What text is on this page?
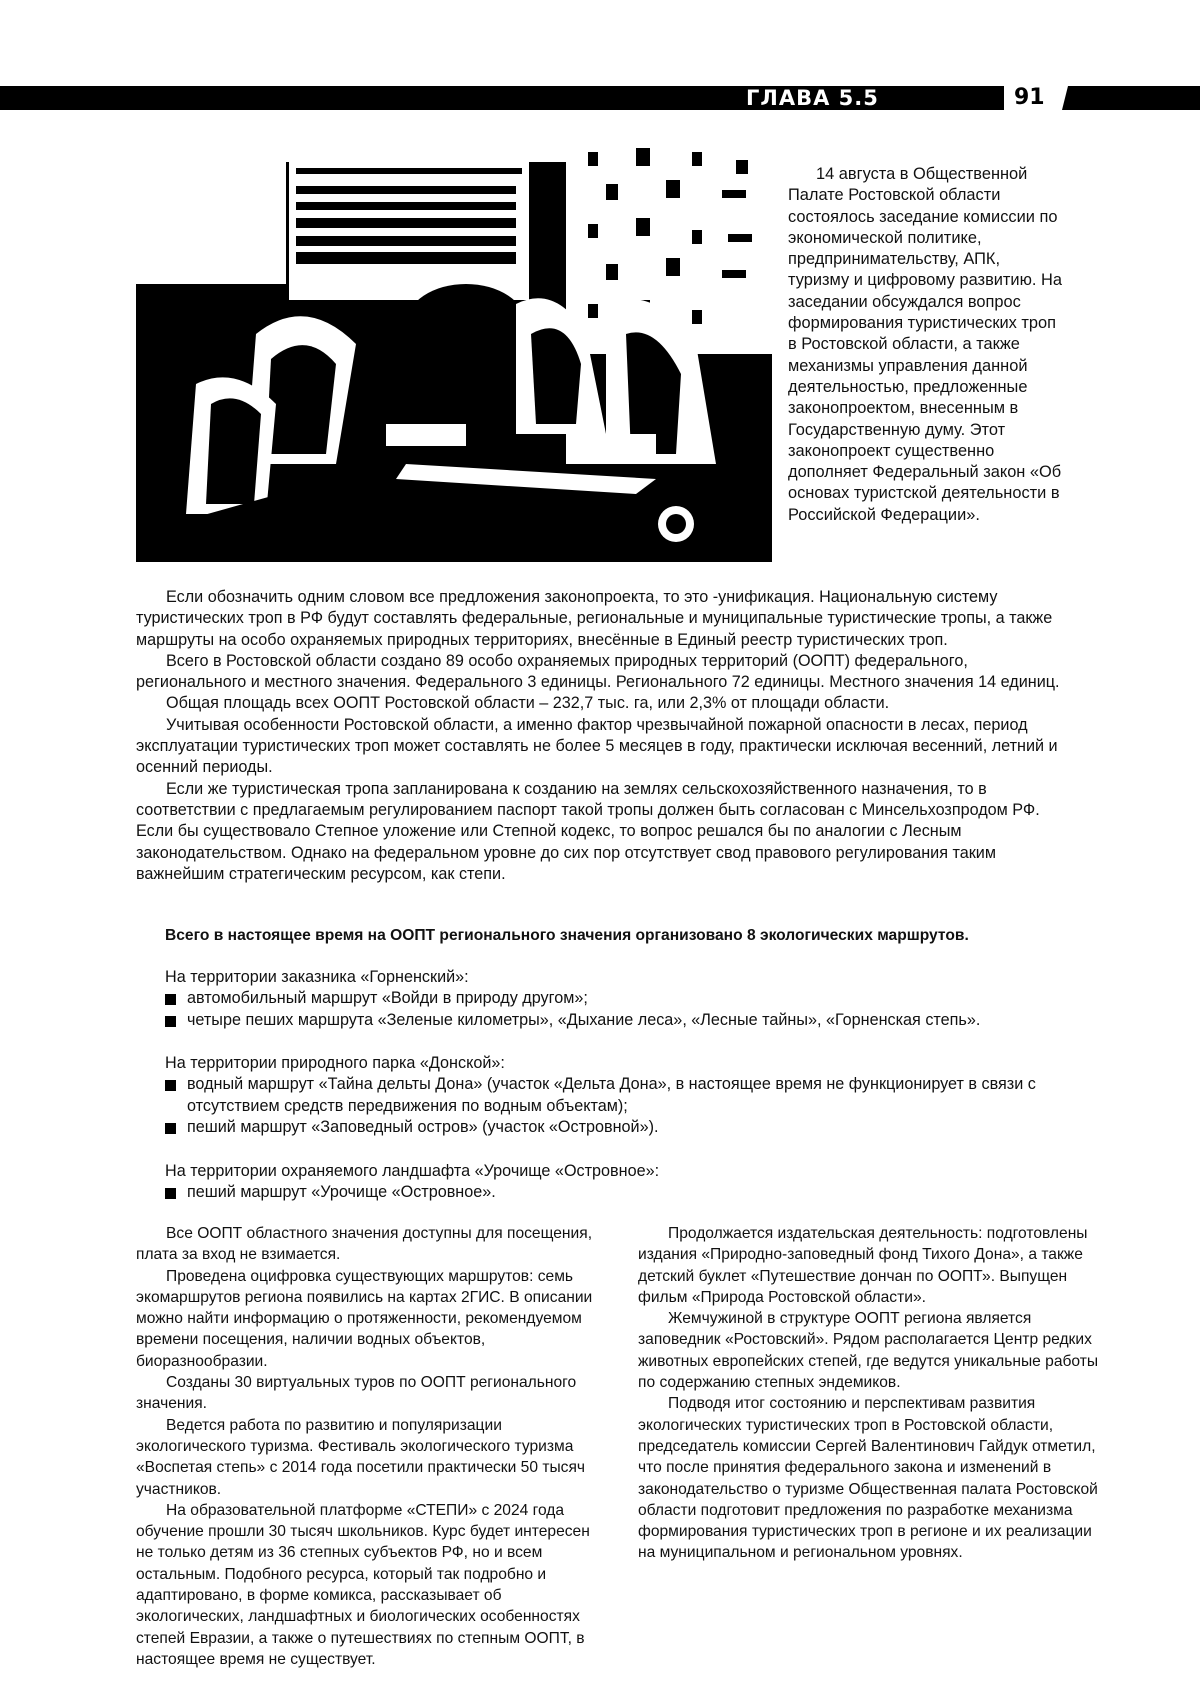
ГЛАВА 5.5	91

14 августа в Общественной Палате Ростовской области состоялось заседание комиссии по экономической политике, предпринимательству, АПК, туризму и цифровому развитию. На заседании обсуждался вопрос формирования туристических троп в Ростовской области, а также механизмы управления данной деятельностью, предложенные законопроектом, внесенным в Государственную думу. Этот законопроект существенно дополняет Федеральный закон «Об основах туристской деятельности в Российской Федерации».

Если обозначить одним словом все предложения законопроекта, то это -унификация. Национальную систему туристических троп в РФ будут составлять федеральные, региональные и муниципальные туристические тропы, а также маршруты на особо охраняемых природных территориях, внесённые в Единый реестр туристических троп.

Всего в Ростовской области создано 89 особо охраняемых природных территорий (ООПТ) федерального, регионального и местного значения. Федерального 3 единицы. Регионального 72 единицы. Местного значения 14 единиц.

Общая площадь всех ООПТ Ростовской области – 232,7 тыс. га, или 2,3% от площади области.

Учитывая особенности Ростовской области, а именно фактор чрезвычайной пожарной опасности в лесах, период эксплуатации туристических троп может составлять не более 5 месяцев в году, практически исключая весенний, летний и осенний периоды.

Если же туристическая тропа запланирована к созданию на землях сельскохозяйственного назначения, то в соответствии с предлагаемым регулированием паспорт такой тропы должен быть согласован с Минсельхозпродом РФ. Если бы существовало Степное уложение или Степной кодекс, то вопрос решался бы по аналогии с Лесным законодательством. Однако на федеральном уровне до сих пор отсутствует свод правового регулирования таким важнейшим стратегическим ресурсом, как степи.

Всего в настоящее время на ООПТ регионального значения организовано 8 экологических маршрутов.

На территории заказника «Горненский»:

автомобильный маршрут «Войди в природу другом»;
четыре пеших маршрута «Зеленые километры», «Дыхание леса», «Лесные тайны», «Горненская степь».

На территории природного парка «Донской»:

водный маршрут «Тайна дельты Дона» (участок «Дельта Дона», в настоящее время не функционирует в связи с отсутствием средств передвижения по водным объектам);
пеший маршрут «Заповедный остров» (участок «Островной»).

На территории охраняемого ландшафта «Урочище «Островное»:

пеший маршрут «Урочище «Островное».

Все ООПТ областного значения доступны для посещения, плата за вход не взимается.

Проведена оцифровка существующих маршрутов: семь экомаршрутов региона появились на картах 2ГИС. В описании можно найти информацию о протяженности, рекомендуемом времени посещения, наличии водных объектов, биоразнообразии.

Созданы 30 виртуальных туров по ООПТ регионального значения.

Ведется работа по развитию и популяризации экологического туризма. Фестиваль экологического туризма «Воспетая степь» с 2014 года посетили практически 50 тысяч участников.

На образовательной платформе «СТЕПИ» с 2024 года обучение прошли 30 тысяч школьников. Курс будет интересен не только детям из 36 степных субъектов РФ, но и всем остальным. Подобного ресурса, который так подробно и адаптировано, в форме комикса, рассказывает об экологических, ландшафтных и биологических особенностях степей Евразии, а также о путешествиях по степным ООПТ, в настоящее время не существует.

Продолжается издательская деятельность: подготовлены издания «Природно-заповедный фонд Тихого Дона», а также детский буклет «Путешествие дончан по ООПТ». Выпущен фильм «Природа Ростовской области».

Жемчужиной в структуре ООПТ региона является заповедник «Ростовский». Рядом располагается Центр редких животных европейских степей, где ведутся уникальные работы по содержанию степных эндемиков.

Подводя итог состоянию и перспективам развития экологических туристических троп в Ростовской области, председатель комиссии Сергей Валентинович Гайдук отметил, что после принятия федерального закона и изменений в законодательство о туризме Общественная палата Ростовской области подготовит предложения по разработке механизма формирования туристических троп в регионе и их реализации на муниципальном и региональном уровнях.
